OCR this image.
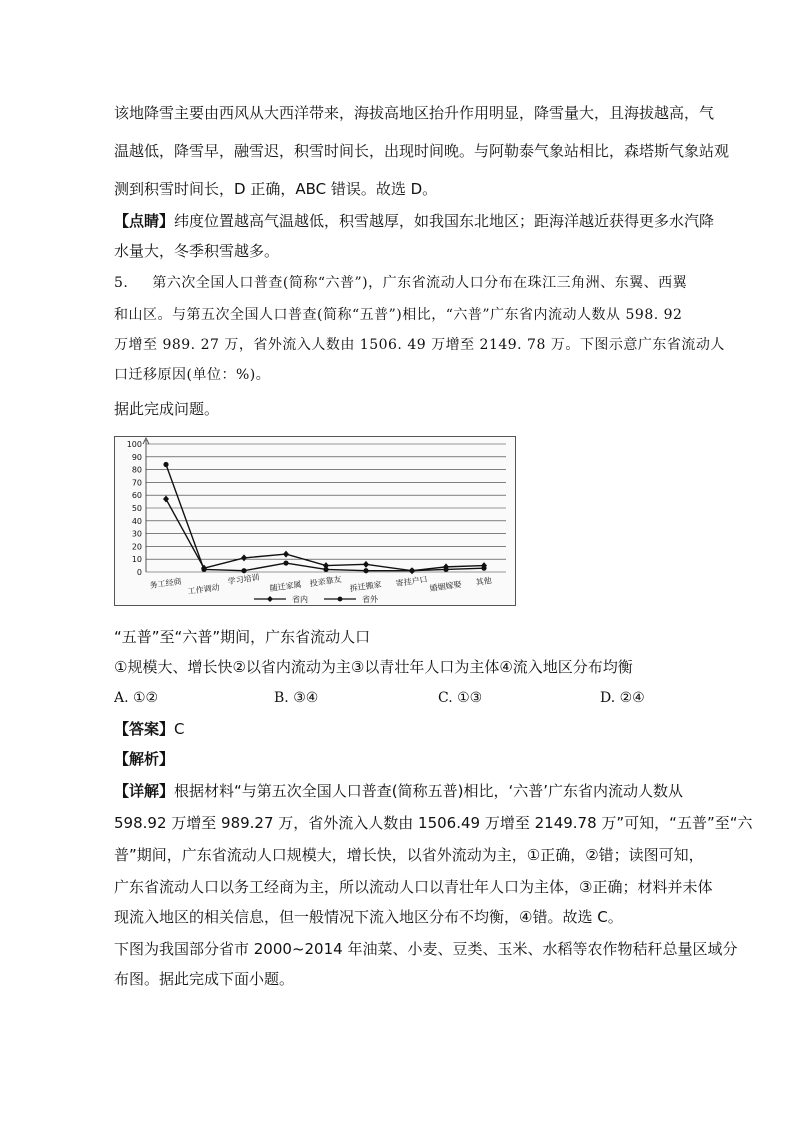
该地降雪主要由西风从大西洋带来，海拔高地区抬升作用明显，降雪量大，且海拔越高，气
温越低，降雪早，融雪迟，积雪时间长，出现时间晚。与阿勒泰气象站相比，森塔斯气象站观
测到积雪时间长，D 正确，ABC 错误。故选 D。
【点睛】纬度位置越高气温越低，积雪越厚，如我国东北地区；距海洋越近获得更多水汽降
水量大，冬季积雪越多。
5. 第六次全国人口普查(简称“六普”)，广东省流动人口分布在珠江三角洲、东翼、西翼
和山区。与第五次全国人口普查(简称“五普”)相比，“六普”广东省内流动人数从 598. 92
万增至 989. 27 万，省外流入人数由 1506. 49 万增至 2149. 78 万。下图示意广东省流动人
口迁移原因(单位：%)。
据此完成问题。
0
10
20
30
40
50
60
70
80
90
100
务工经商 工作调动
学习培训
随迁家属 投亲靠友 拆迁搬家 寄挂户口 婚姻嫁娶 其他
省内	省外
“五普”至“六普”期间，广东省流动人口
①规模大、增长快②以省内流动为主③以青壮年人口为主体④流入地区分布均衡
A. ①②	B. ③④	C. ①③	D. ②④
【答案】C
【解析】
【详解】根据材料“与第五次全国人口普查(简称五普)相比，‘六普’广东省内流动人数从
598.92 万增至 989.27 万，省外流入人数由 1506.49 万增至 2149.78 万”可知，“五普”至“六
普”期间，广东省流动人口规模大，增长快，以省外流动为主，①正确，②错；读图可知，
广东省流动人口以务工经商为主，所以流动人口以青壮年人口为主体，③正确；材料并未体
现流入地区的相关信息，但一般情况下流入地区分布不均衡，④错。故选 C。
下图为我国部分省市 2000~2014 年油菜、小麦、豆类、玉米、水稻等农作物秸秆总量区域分
布图。据此完成下面小题。
